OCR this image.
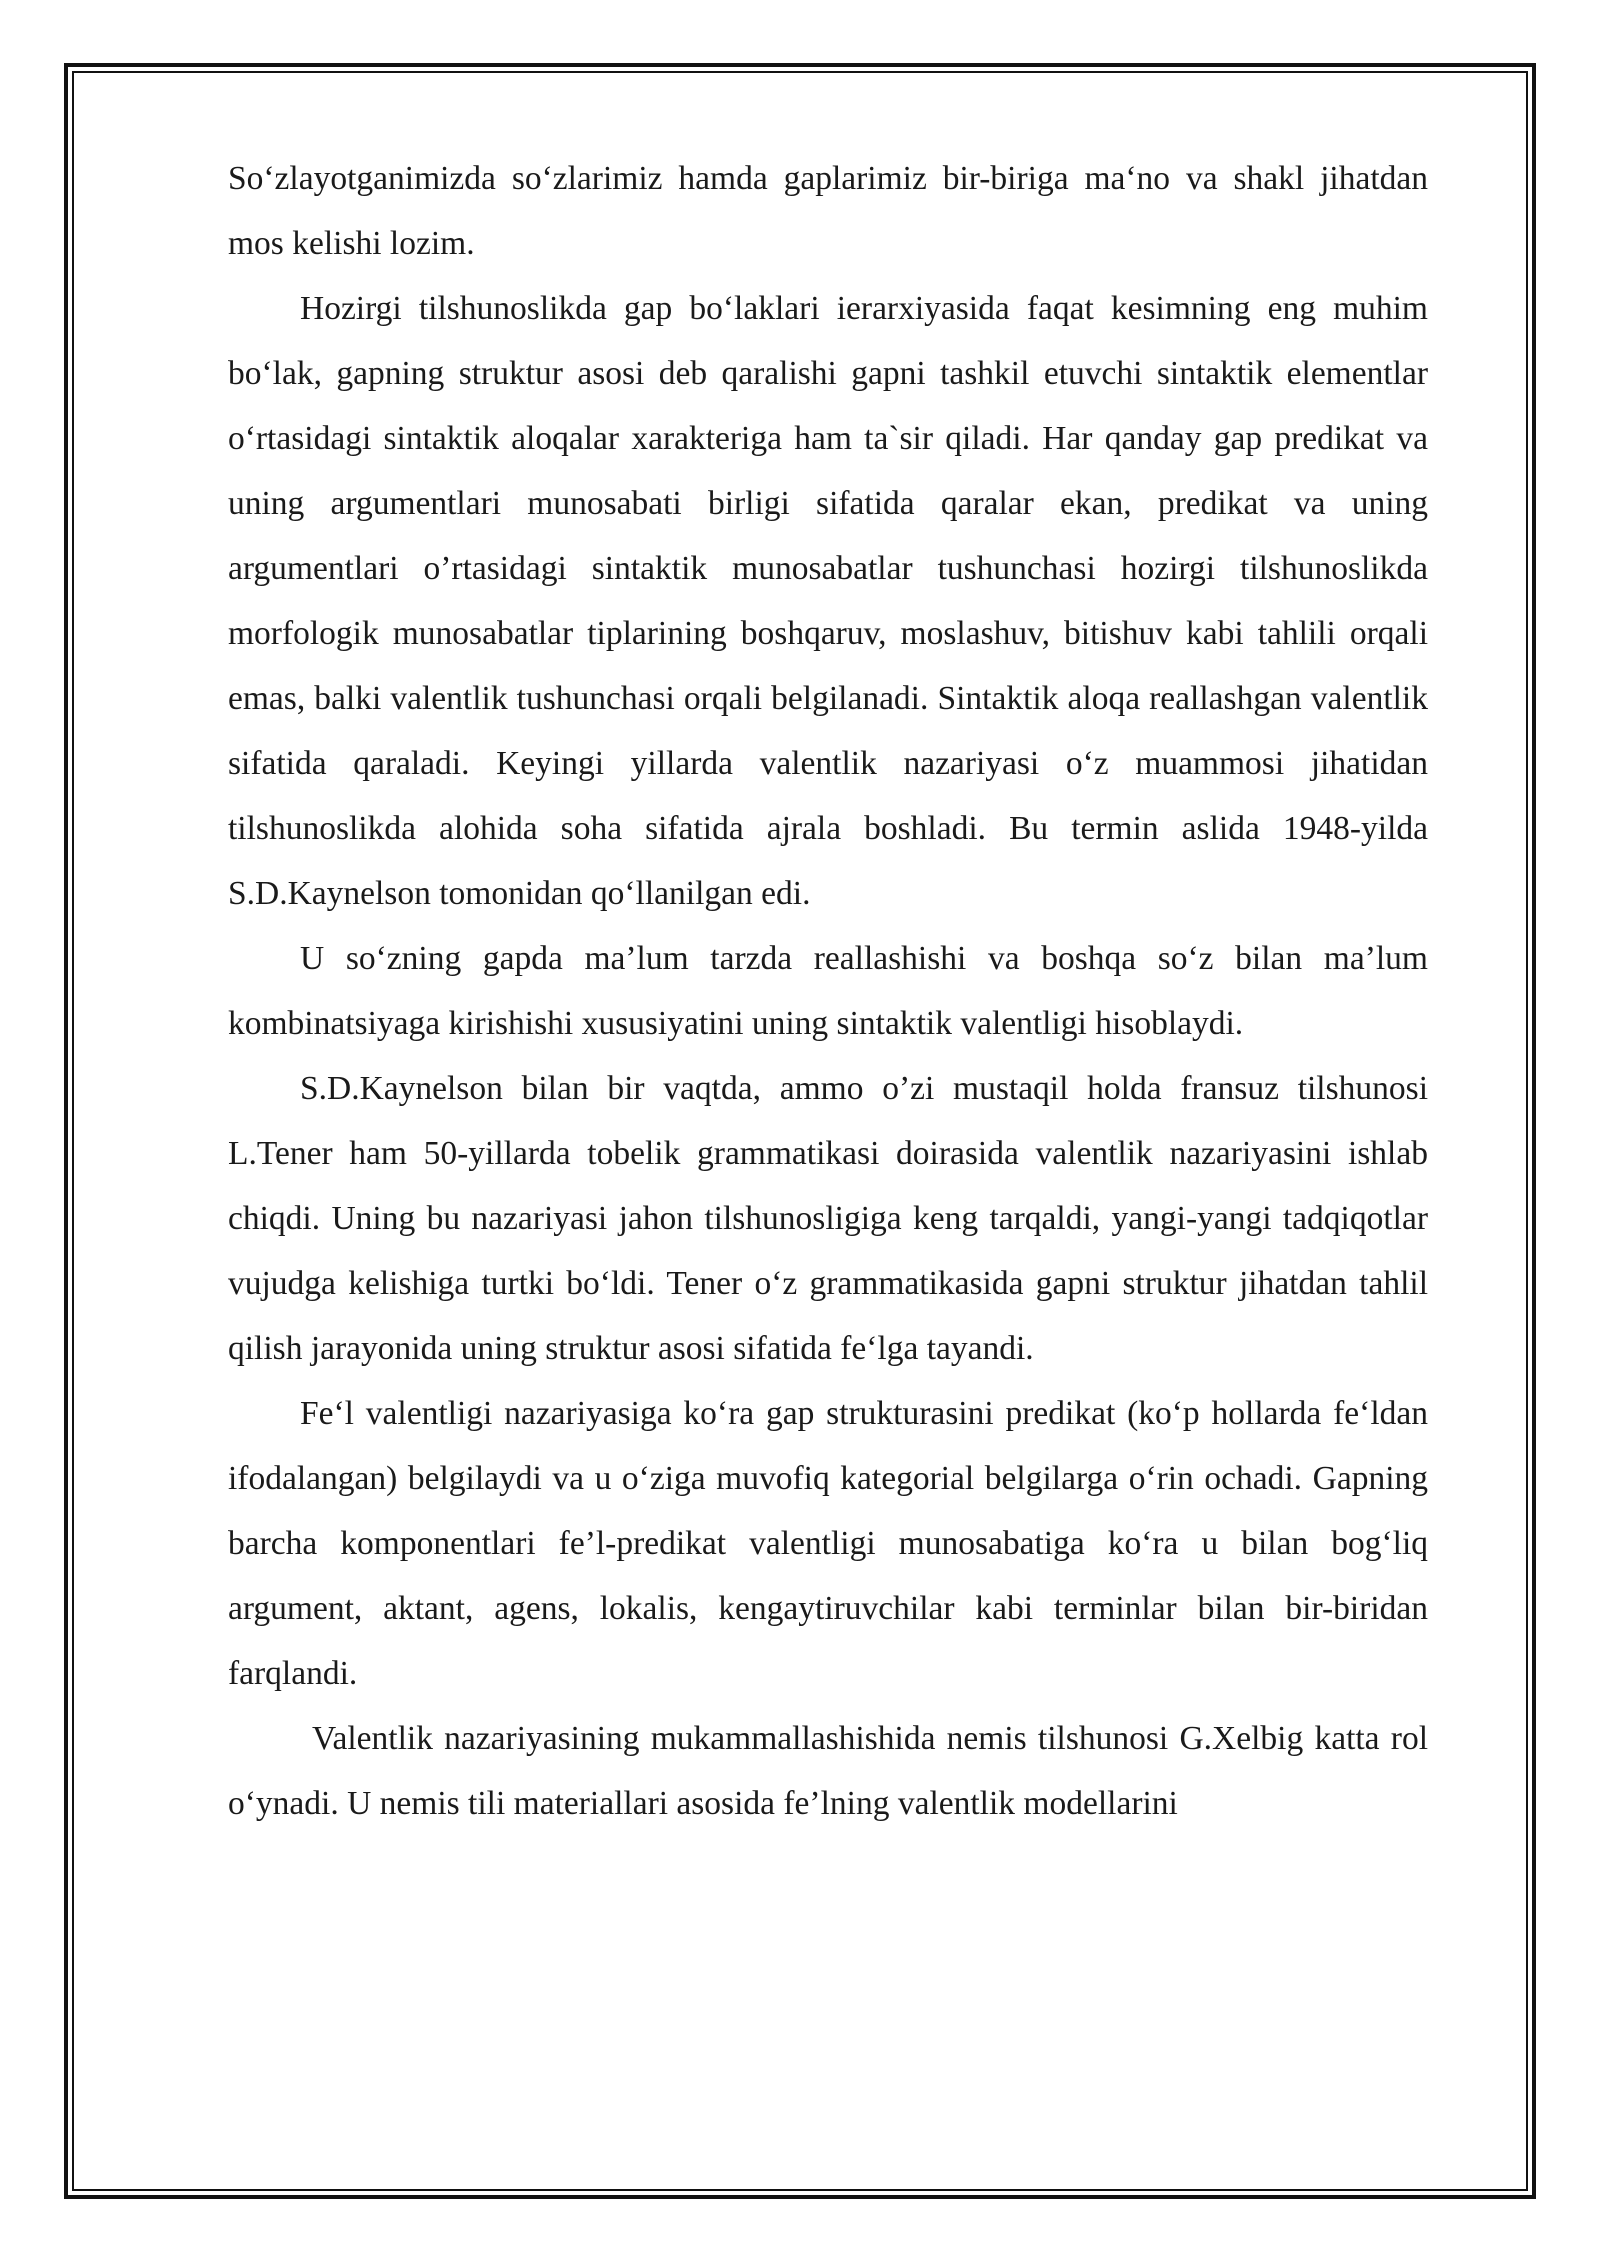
So‘zlayotganimizda so‘zlarimiz hamda gaplarimiz bir-biriga ma‘no va shakl jihatdan mos kelishi lozim.

Hozirgi tilshunoslikda gap bo‘laklari ierarxiyasida faqat kesimning eng muhim bo‘lak, gapning struktur asosi deb qaralishi gapni tashkil etuvchi sintaktik elementlar o‘rtasidagi sintaktik aloqalar xarakteriga ham ta`sir qiladi. Har qanday gap predikat va uning argumentlari munosabati birligi sifatida qaralar ekan, predikat va uning argumentlari o’rtasidagi sintaktik munosabatlar tushunchasi hozirgi tilshunoslikda morfologik munosabatlar tiplarining boshqaruv, moslashuv, bitishuv kabi tahlili orqali emas, balki valentlik tushunchasi orqali belgilanadi. Sintaktik aloqa reallashgan valentlik sifatida qaraladi. Keyingi yillarda valentlik nazariyasi o‘z muammosi jihatidan tilshunoslikda alohida soha sifatida ajrala boshladi. Bu termin aslida 1948-yilda S.D.Kaynelson tomonidan qo‘llanilgan edi.

U so‘zning gapda ma’lum tarzda reallashishi va boshqa so‘z bilan ma’lum kombinatsiyaga kirishishi xususiyatini uning sintaktik valentligi hisoblaydi.

S.D.Kaynelson bilan bir vaqtda, ammo o’zi mustaqil holda fransuz tilshunosi L.Tener ham 50-yillarda tobelik grammatikasi doirasida valentlik nazariyasini ishlab chiqdi. Uning bu nazariyasi jahon tilshunosligiga keng tarqaldi, yangi-yangi tadqiqotlar vujudga kelishiga turtki bo‘ldi. Tener o‘z grammatikasida gapni struktur jihatdan tahlil qilish jarayonida uning struktur asosi sifatida fe‘lga tayandi.

Fe‘l valentligi nazariyasiga ko‘ra gap strukturasini predikat (ko‘p hollarda fe‘ldan ifodalangan) belgilaydi va u o‘ziga muvofiq kategorial belgilarga o‘rin ochadi. Gapning barcha komponentlari fe’l-predikat valentligi munosabatiga ko‘ra u bilan bog‘liq argument, aktant, agens, lokalis, kengaytiruvchilar kabi terminlar bilan bir-biridan farqlandi.

Valentlik nazariyasining mukammallashishida nemis tilshunosi G.Xelbig katta rol o‘ynadi. U nemis tili materiallari asosida fe’lning valentlik modellarini
